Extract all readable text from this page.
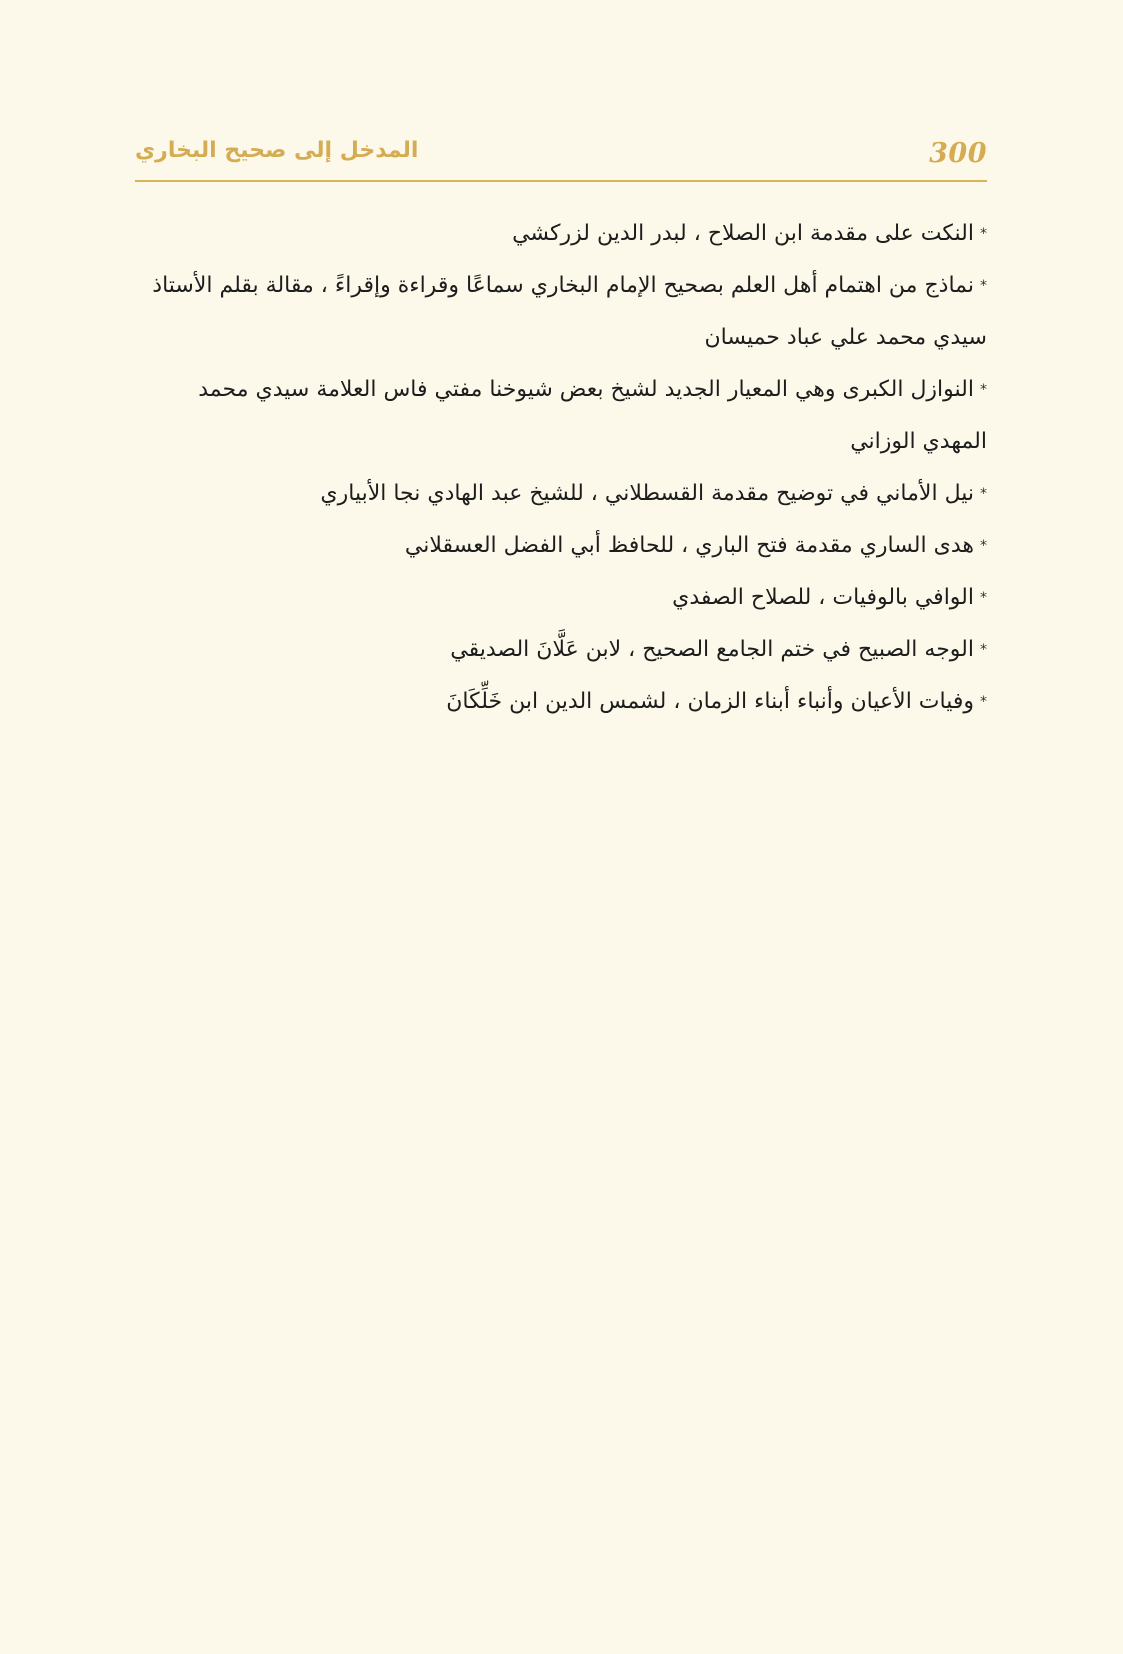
300
المدخل إلى صحيح البخاري
*النكت على مقدمة ابن الصلاح ، لبدر الدين لزركشي
*نماذج من اهتمام أهل العلم بصحيح الإمام البخاري سماعًا وقراءة وإقراءً ، مقالة بقلم الأستاذ سيدي محمد علي عباد حميسان
*النوازل الكبرى وهي المعيار الجديد لشيخ بعض شيوخنا مفتي فاس العلامة سيدي محمد المهدي الوزاني
*نيل الأماني في توضيح مقدمة القسطلاني ، للشيخ عبد الهادي نجا الأبياري
*هدى الساري مقدمة فتح الباري ، للحافظ أبي الفضل العسقلاني
*الوافي بالوفيات ، للصلاح الصفدي
*الوجه الصبيح في ختم الجامع الصحيح ، لابن عَلَّانَ الصديقي
*وفيات الأعيان وأنباء أبناء الزمان ، لشمس الدين ابن خَلِّكَانَ
